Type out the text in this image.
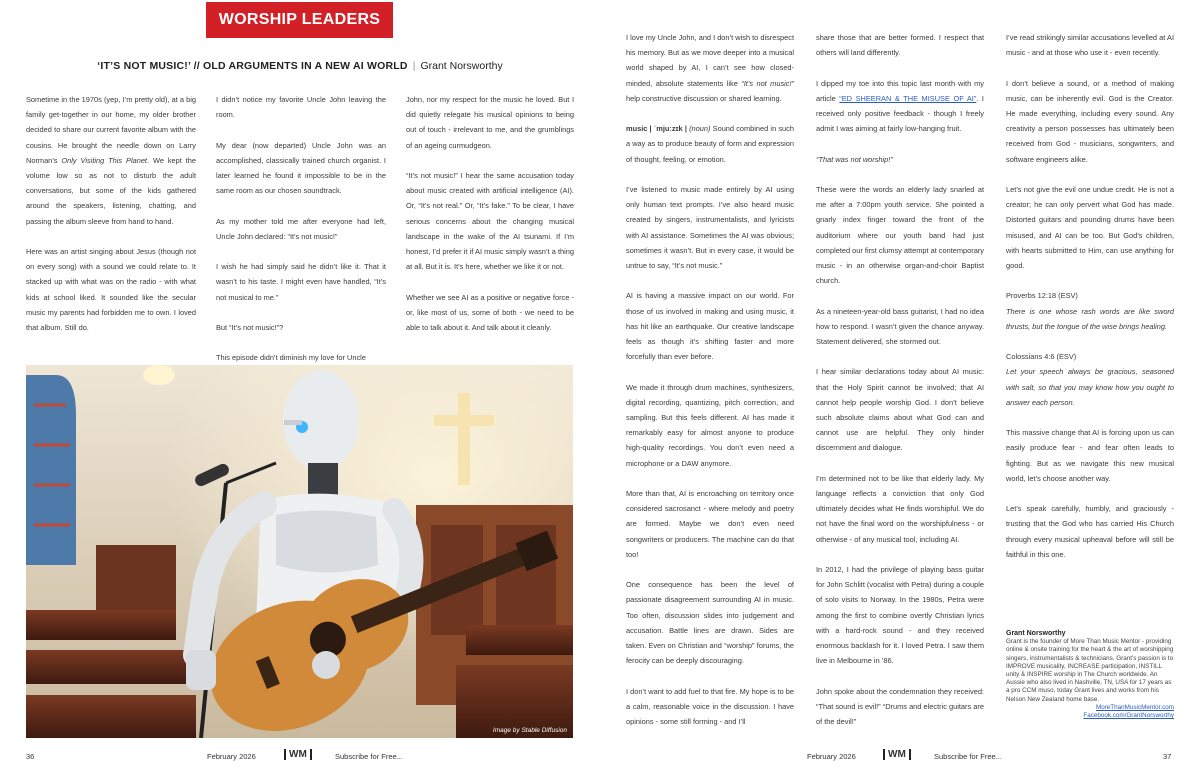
WORSHIP LEADERS
‘IT’S NOT MUSIC!’ // OLD ARGUMENTS IN A NEW AI WORLD | Grant Norsworthy

Sometime in the 1970s (yep, I’m pretty old), at a big family get-together in our home, my older brother decided to share our current favorite album with the cousins. He brought the needle down on Larry Norman’s Only Visiting This Planet. We kept the volume low so as not to disturb the adult conversations, but some of the kids gathered around the speakers, listening, chatting, and passing the album sleeve from hand to hand.

Here was an artist singing about Jesus (though not on every song) with a sound we could relate to. It stacked up with what was on the radio - with what kids at school liked. It sounded like the secular music my parents had forbidden me to own. I loved that album. Still do.

I didn’t notice my favorite Uncle John leaving the room.

My dear (now departed) Uncle John was an accomplished, classically trained church organist. I later learned he found it impossible to be in the same room as our chosen soundtrack.

As my mother told me after everyone had left, Uncle John declared: “It’s not music!”

I wish he had simply said he didn’t like it. That it wasn’t to his taste. I might even have handled, “It’s not musical to me.”

But “It’s not music!”?

This episode didn’t diminish my love for Uncle

John, nor my respect for the music he loved. But I did quietly relegate his musical opinions to being out of touch - irrelevant to me, and the grumblings of an ageing curmudgeon.

“It’s not music!” I hear the same accusation today about music created with artificial intelligence (AI). Or, “It’s not real.” Or, “It’s fake.” To be clear, I have serious concerns about the changing musical landscape in the wake of the AI tsunami. If I’m honest, I’d prefer it if AI music simply wasn’t a thing at all. But it is. It’s here, whether we like it or not.

Whether we see AI as a positive or negative force - or, like most of us, some of both - we need to be able to talk about it. And talk about it cleanly.

Image by Stable Diffusion
36	February 2026	WM	Subscribe for Free...

I love my Uncle John, and I don’t wish to disrespect his memory. But as we move deeper into a musical world shaped by AI, I can’t see how closed-minded, absolute statements like “It’s not music!” help constructive discussion or shared learning.

music | ˈmjuːzɪk | (noun) Sound combined in such a way as to produce beauty of form and expression of thought, feeling, or emotion.

I’ve listened to music made entirely by AI using only human text prompts. I’ve also heard music created by singers, instrumentalists, and lyricists with AI assistance. Sometimes the AI was obvious; sometimes it wasn’t. But in every case, it would be untrue to say, “It’s not music.”

AI is having a massive impact on our world. For those of us involved in making and using music, it has hit like an earthquake. Our creative landscape feels as though it’s shifting faster and more forcefully than ever before.

We made it through drum machines, synthesizers, digital recording, quantizing, pitch correction, and sampling. But this feels different. AI has made it remarkably easy for almost anyone to produce high-quality recordings. You don’t even need a microphone or a DAW anymore.

More than that, AI is encroaching on territory once considered sacrosanct - where melody and poetry are formed. Maybe we don’t even need songwriters or producers. The machine can do that too!

One consequence has been the level of passionate disagreement surrounding AI in music. Too often, discussion slides into judgement and accusation. Battle lines are drawn. Sides are taken. Even on Christian and “worship” forums, the ferocity can be deeply discouraging.

I don’t want to add fuel to that fire. My hope is to be a calm, reasonable voice in the discussion. I have opinions - some still forming - and I’ll

share those that are better formed. I respect that others will land differently.

I dipped my toe into this topic last month with my article “ED SHEERAN & THE MISUSE OF AI”. I received only positive feedback - though I freely admit I was aiming at fairly low-hanging fruit.

“That was not worship!”

These were the words an elderly lady snarled at me after a 7:00pm youth service. She pointed a gnarly index finger toward the front of the auditorium where our youth band had just completed our first clumsy attempt at contemporary music - in an otherwise organ-and-choir Baptist church.

As a nineteen-year-old bass guitarist, I had no idea how to respond. I wasn’t given the chance anyway. Statement delivered, she stormed out.

I hear similar declarations today about AI music: that the Holy Spirit cannot be involved; that AI cannot help people worship God. I don’t believe such absolute claims about what God can and cannot use are helpful. They only hinder discernment and dialogue.

I’m determined not to be like that elderly lady. My language reflects a conviction that only God ultimately decides what He finds worshipful. We do not have the final word on the worshipfulness - or otherwise - of any musical tool, including AI.

In 2012, I had the privilege of playing bass guitar for John Schlitt (vocalist with Petra) during a couple of solo visits to Norway. In the 1980s, Petra were among the first to combine overtly Christian lyrics with a hard-rock sound - and they received enormous backlash for it. I loved Petra. I saw them live in Melbourne in ’86.

John spoke about the condemnation they received: “That sound is evil!” “Drums and electric guitars are of the devil!”

I’ve read strikingly similar accusations levelled at AI music - and at those who use it - even recently.

I don’t believe a sound, or a method of making music, can be inherently evil. God is the Creator. He made everything, including every sound. Any creativity a person possesses has ultimately been received from God - musicians, songwriters, and software engineers alike.

Let’s not give the evil one undue credit. He is not a creator; he can only pervert what God has made. Distorted guitars and pounding drums have been misused, and AI can be too. But God’s children, with hearts submitted to Him, can use anything for good.

Proverbs 12:18 (ESV)

There is one whose rash words are like sword thrusts, but the tongue of the wise brings healing.

Colossians 4:6 (ESV)

Let your speech always be gracious, seasoned with salt, so that you may know how you ought to answer each person.

This massive change that AI is forcing upon us can easily produce fear - and fear often leads to fighting. But as we navigate this new musical world, let’s choose another way.

Let’s speak carefully, humbly, and graciously - trusting that the God who has carried His Church through every musical upheaval before will still be faithful in this one.

Grant Norsworthy
Grant is the founder of More Than Music Mentor - providing online & onsite training for the heart & the art of worshipping singers, instrumentalists & technicians. Grant’s passion is to IMPROVE musicality, INCREASE participation, INSTILL unity & INSPIRE worship in The Church worldwide. An Aussie who also lived in Nashville, TN, USA for 17 years as a pro CCM muso, today Grant lives and works from his Nelson New Zealand home base.
MoreThanMusicMentor.com
Facebook.com/GrantNorsworthy
February 2026	WM	Subscribe for Free...	37
